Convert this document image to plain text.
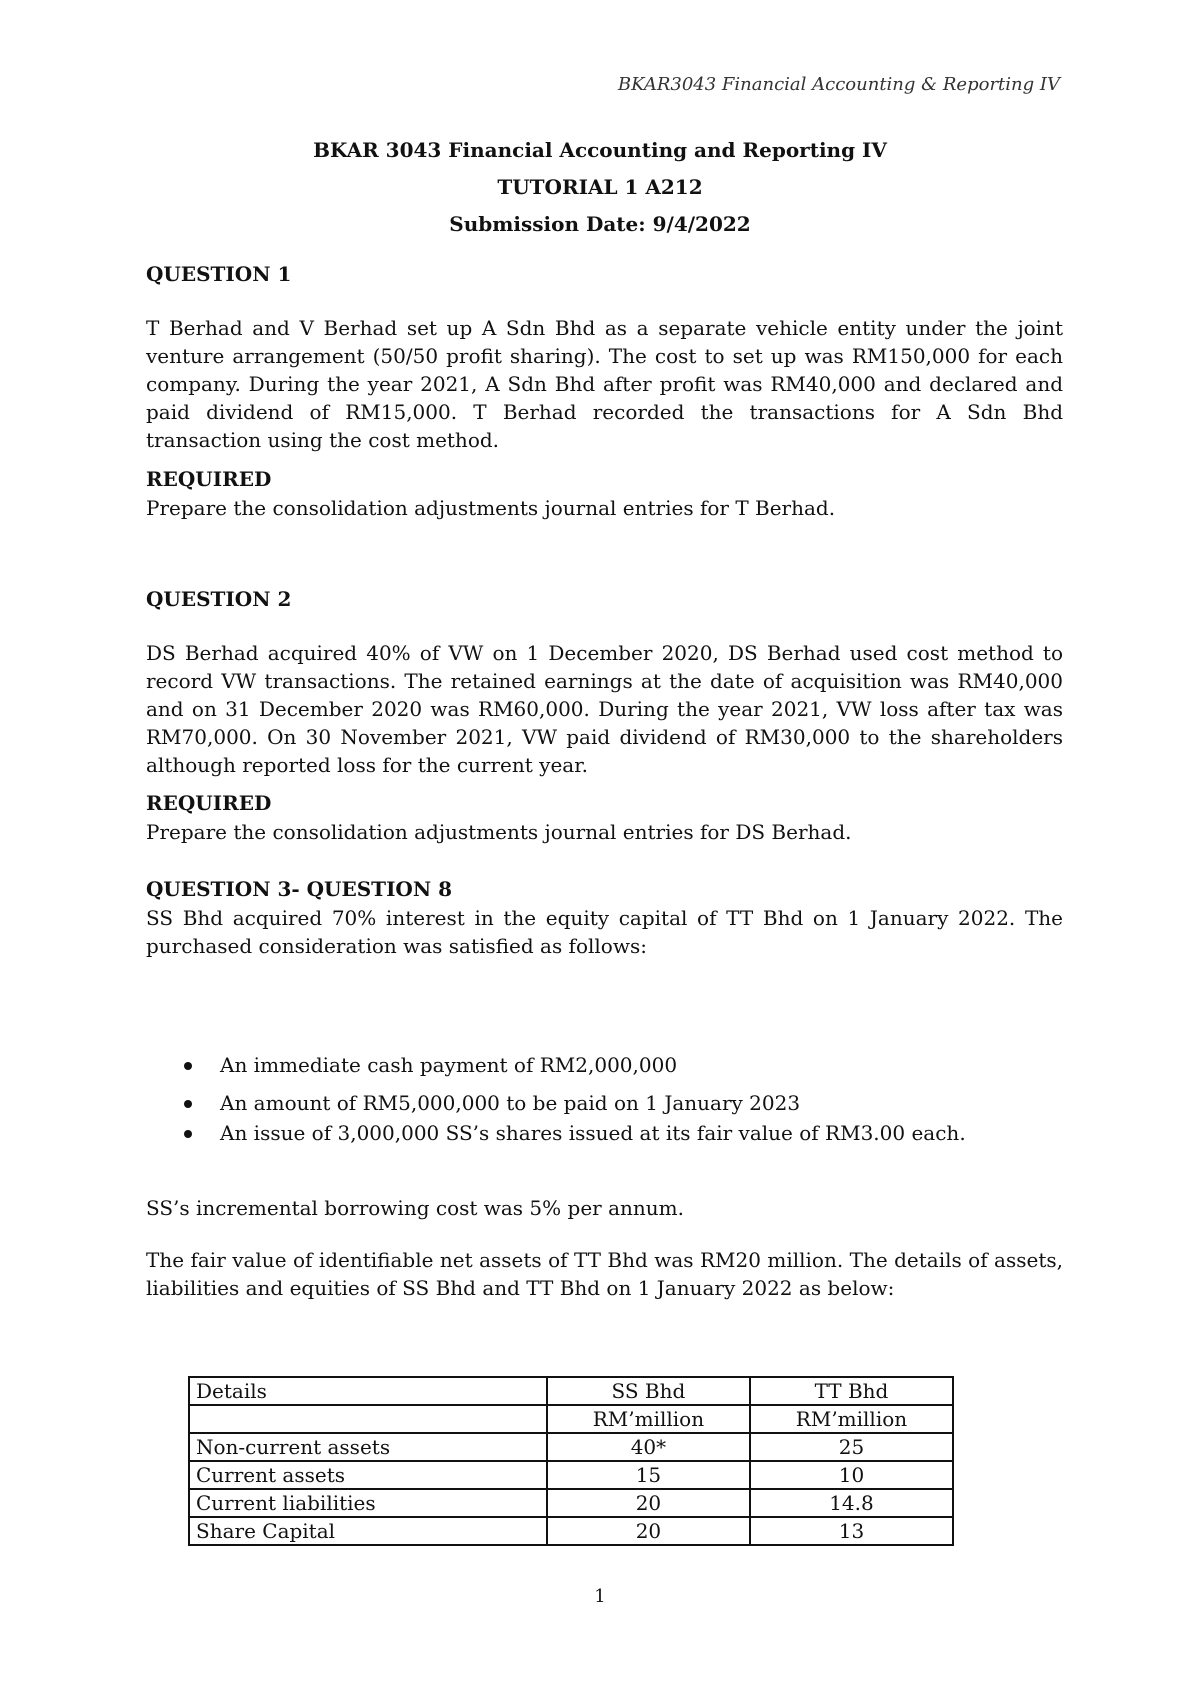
BKAR3043 Financial Accounting & Reporting IV
BKAR 3043 Financial Accounting and Reporting IV
TUTORIAL 1 A212
Submission Date: 9/4/2022
QUESTION 1
T Berhad and V Berhad set up A Sdn Bhd as a separate vehicle entity under the joint venture arrangement (50/50 profit sharing). The cost to set up was RM150,000 for each company. During the year 2021, A Sdn Bhd after profit was RM40,000 and declared and paid dividend of RM15,000. T Berhad recorded the transactions for A Sdn Bhd transaction using the cost method.
REQUIRED
Prepare the consolidation adjustments journal entries for T Berhad.
QUESTION 2
DS Berhad acquired 40% of VW on 1 December 2020, DS Berhad used cost method to record VW transactions. The retained earnings at the date of acquisition was RM40,000 and on 31 December 2020 was RM60,000. During the year 2021, VW loss after tax was RM70,000. On 30 November 2021, VW paid dividend of RM30,000 to the shareholders although reported loss for the current year.
REQUIRED
Prepare the consolidation adjustments journal entries for DS Berhad.
QUESTION 3- QUESTION 8
SS Bhd acquired 70% interest in the equity capital of TT Bhd on 1 January 2022. The purchased consideration was satisfied as follows:
An immediate cash payment of RM2,000,000
An amount of RM5,000,000 to be paid on 1 January 2023
An issue of 3,000,000 SS’s shares issued at its fair value of RM3.00 each.
SS’s incremental borrowing cost was 5% per annum.
The fair value of identifiable net assets of TT Bhd was RM20 million. The details of assets, liabilities and equities of SS Bhd and TT Bhd on 1 January 2022 as below:
Details	SS Bhd	TT Bhd
	RM’million	RM’million
Non-current assets	40*	25
Current assets	15	10
Current liabilities	20	14.8
Share Capital	20	13
1
